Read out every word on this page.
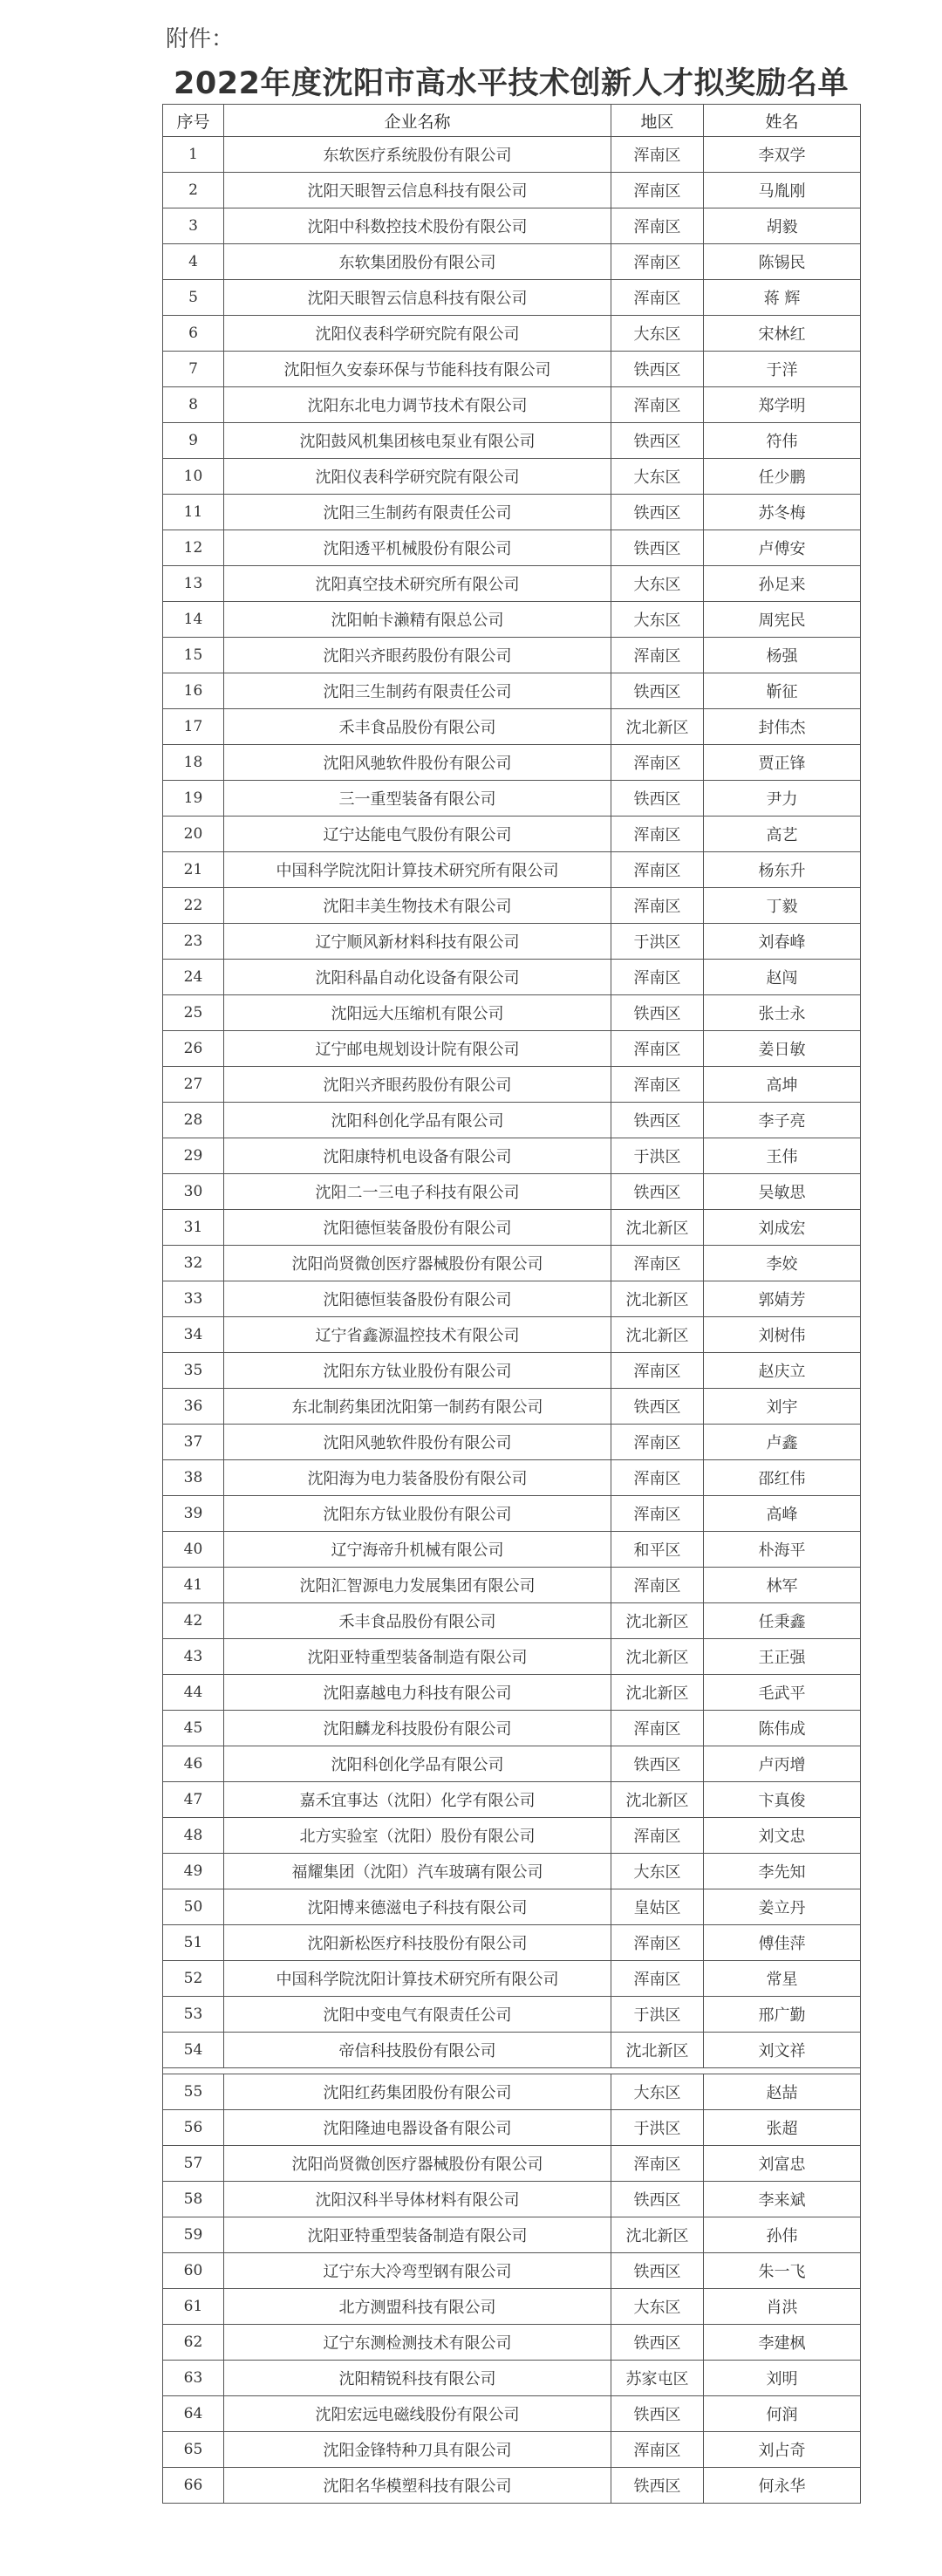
附件：
2022年度沈阳市高水平技术创新人才拟奖励名单
序号	企业名称	地区	姓名
1	东软医疗系统股份有限公司	浑南区	李双学
2	沈阳天眼智云信息科技有限公司	浑南区	马胤刚
3	沈阳中科数控技术股份有限公司	浑南区	胡毅
4	东软集团股份有限公司	浑南区	陈锡民
5	沈阳天眼智云信息科技有限公司	浑南区	蒋 辉
6	沈阳仪表科学研究院有限公司	大东区	宋林红
7	沈阳恒久安泰环保与节能科技有限公司	铁西区	于洋
8	沈阳东北电力调节技术有限公司	浑南区	郑学明
9	沈阳鼓风机集团核电泵业有限公司	铁西区	符伟
10	沈阳仪表科学研究院有限公司	大东区	任少鹏
11	沈阳三生制药有限责任公司	铁西区	苏冬梅
12	沈阳透平机械股份有限公司	铁西区	卢傅安
13	沈阳真空技术研究所有限公司	大东区	孙足来
14	沈阳帕卡濑精有限总公司	大东区	周宪民
15	沈阳兴齐眼药股份有限公司	浑南区	杨强
16	沈阳三生制药有限责任公司	铁西区	靳征
17	禾丰食品股份有限公司	沈北新区	封伟杰
18	沈阳风驰软件股份有限公司	浑南区	贾正锋
19	三一重型装备有限公司	铁西区	尹力
20	辽宁达能电气股份有限公司	浑南区	高艺
21	中国科学院沈阳计算技术研究所有限公司	浑南区	杨东升
22	沈阳丰美生物技术有限公司	浑南区	丁毅
23	辽宁顺风新材料科技有限公司	于洪区	刘春峰
24	沈阳科晶自动化设备有限公司	浑南区	赵闯
25	沈阳远大压缩机有限公司	铁西区	张士永
26	辽宁邮电规划设计院有限公司	浑南区	姜日敏
27	沈阳兴齐眼药股份有限公司	浑南区	高坤
28	沈阳科创化学品有限公司	铁西区	李子亮
29	沈阳康特机电设备有限公司	于洪区	王伟
30	沈阳二一三电子科技有限公司	铁西区	吴敏思
31	沈阳德恒装备股份有限公司	沈北新区	刘成宏
32	沈阳尚贤微创医疗器械股份有限公司	浑南区	李姣
33	沈阳德恒装备股份有限公司	沈北新区	郭婧芳
34	辽宁省鑫源温控技术有限公司	沈北新区	刘树伟
35	沈阳东方钛业股份有限公司	浑南区	赵庆立
36	东北制药集团沈阳第一制药有限公司	铁西区	刘宇
37	沈阳风驰软件股份有限公司	浑南区	卢鑫
38	沈阳海为电力装备股份有限公司	浑南区	邵红伟
39	沈阳东方钛业股份有限公司	浑南区	高峰
40	辽宁海帝升机械有限公司	和平区	朴海平
41	沈阳汇智源电力发展集团有限公司	浑南区	林军
42	禾丰食品股份有限公司	沈北新区	任秉鑫
43	沈阳亚特重型装备制造有限公司	沈北新区	王正强
44	沈阳嘉越电力科技有限公司	沈北新区	毛武平
45	沈阳麟龙科技股份有限公司	浑南区	陈伟成
46	沈阳科创化学品有限公司	铁西区	卢丙增
47	嘉禾宜事达（沈阳）化学有限公司	沈北新区	卞真俊
48	北方实验室（沈阳）股份有限公司	浑南区	刘文忠
49	福耀集团（沈阳）汽车玻璃有限公司	大东区	李先知
50	沈阳博来德滋电子科技有限公司	皇姑区	姜立丹
51	沈阳新松医疗科技股份有限公司	浑南区	傅佳萍
52	中国科学院沈阳计算技术研究所有限公司	浑南区	常星
53	沈阳中变电气有限责任公司	于洪区	邢广勤
54	帝信科技股份有限公司	沈北新区	刘文祥

55	沈阳红药集团股份有限公司	大东区	赵喆
56	沈阳隆迪电器设备有限公司	于洪区	张超
57	沈阳尚贤微创医疗器械股份有限公司	浑南区	刘富忠
58	沈阳汉科半导体材料有限公司	铁西区	李来斌
59	沈阳亚特重型装备制造有限公司	沈北新区	孙伟
60	辽宁东大冷弯型钢有限公司	铁西区	朱一飞
61	北方测盟科技有限公司	大东区	肖洪
62	辽宁东测检测技术有限公司	铁西区	李建枫
63	沈阳精锐科技有限公司	苏家屯区	刘明
64	沈阳宏远电磁线股份有限公司	铁西区	何润
65	沈阳金锋特种刀具有限公司	浑南区	刘占奇
66	沈阳名华模塑科技有限公司	铁西区	何永华
